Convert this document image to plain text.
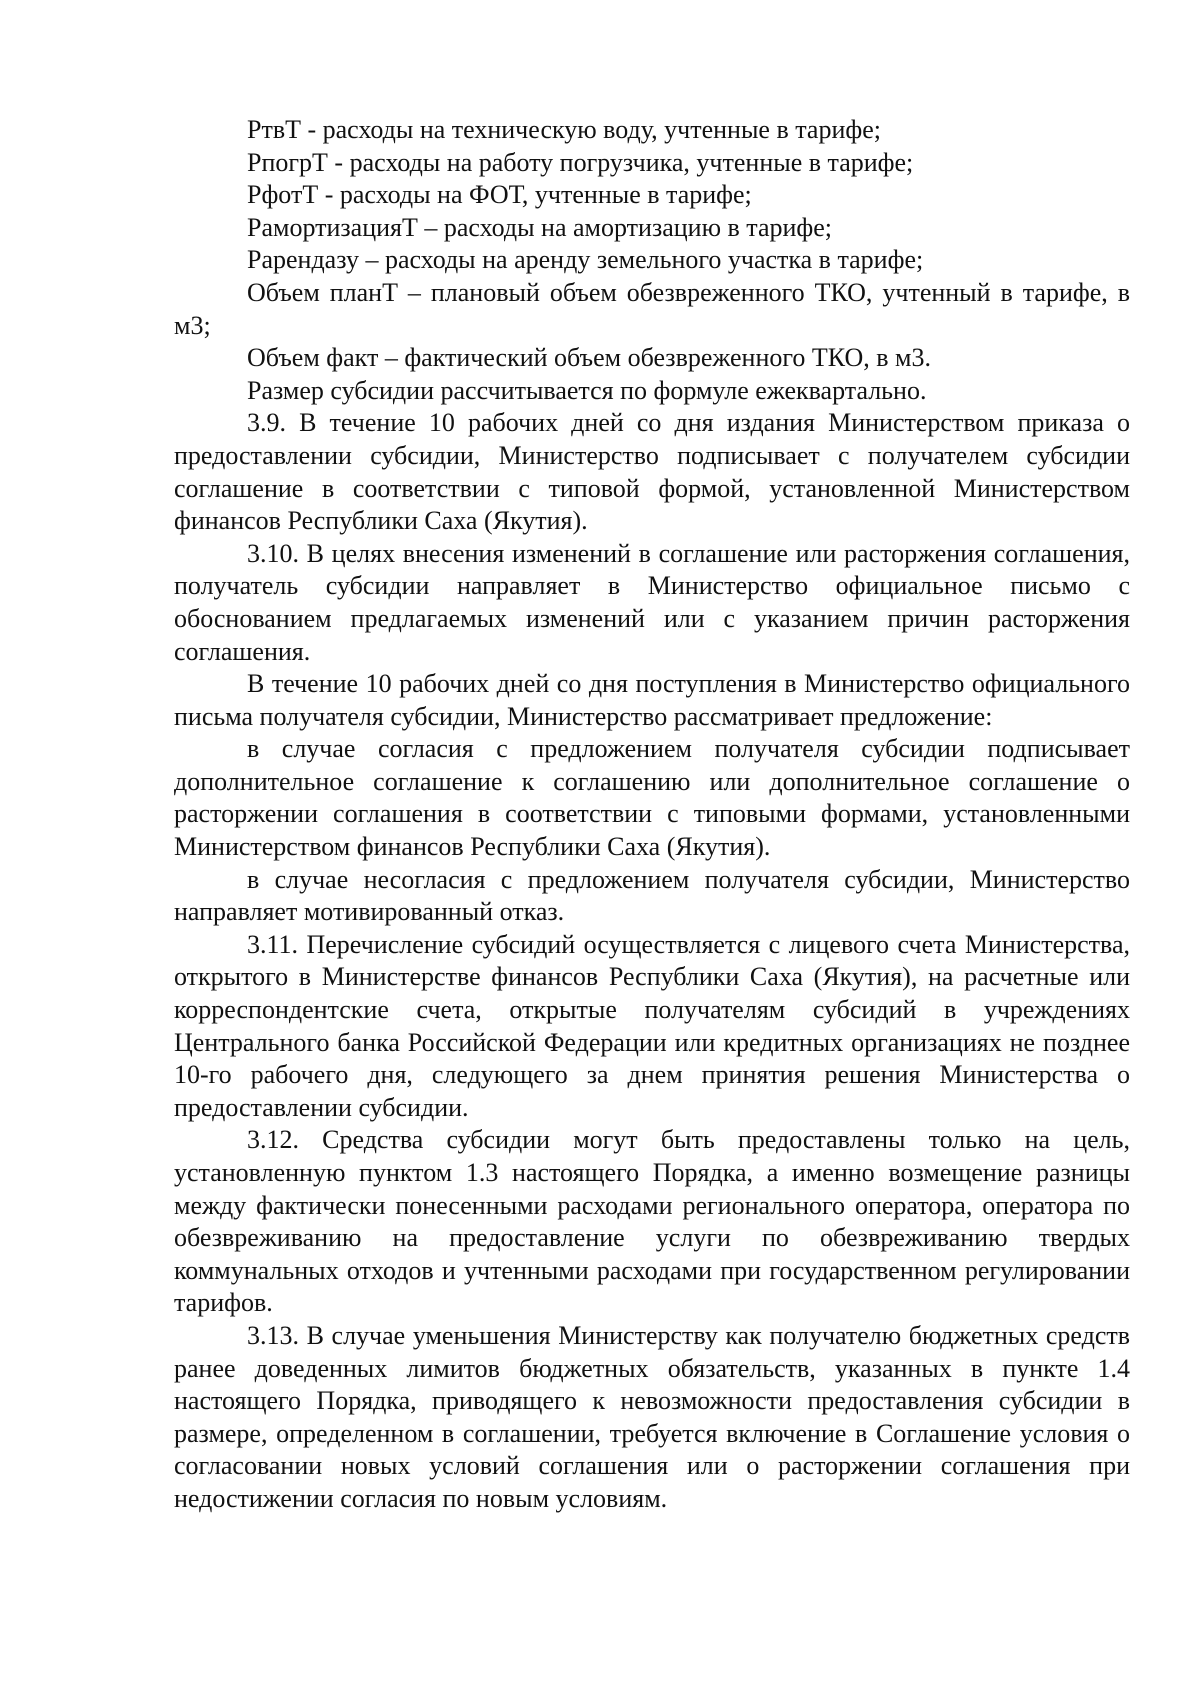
РтвТ - расходы на техническую воду, учтенные в тарифе;

РпогрТ - расходы на работу погрузчика, учтенные в тарифе;

РфотТ - расходы на ФОТ, учтенные в тарифе;

РамортизацияТ – расходы на амортизацию в тарифе;

Рарендазу – расходы на аренду земельного участка в тарифе;

Объем планТ – плановый объем обезвреженного ТКО, учтенный в тарифе, в м3;

Объем факт – фактический объем обезвреженного ТКО, в м3.

Размер субсидии рассчитывается по формуле ежеквартально.

3.9. В течение 10 рабочих дней со дня издания Министерством приказа о предоставлении субсидии, Министерство подписывает с получателем субсидии соглашение в соответствии с типовой формой, установленной Министерством финансов Республики Саха (Якутия).

3.10. В целях внесения изменений в соглашение или расторжения соглашения, получатель субсидии направляет в Министерство официальное письмо с обоснованием предлагаемых изменений или с указанием причин расторжения соглашения.

В течение 10 рабочих дней со дня поступления в Министерство официального письма получателя субсидии, Министерство рассматривает предложение:

в случае согласия с предложением получателя субсидии подписывает дополнительное соглашение к соглашению или дополнительное соглашение о расторжении соглашения в соответствии с типовыми формами, установленными Министерством финансов Республики Саха (Якутия).

в случае несогласия с предложением получателя субсидии, Министерство направляет мотивированный отказ.

3.11. Перечисление субсидий осуществляется с лицевого счета Министерства, открытого в Министерстве финансов Республики Саха (Якутия), на расчетные или корреспондентские счета, открытые получателям субсидий в учреждениях Центрального банка Российской Федерации или кредитных организациях не позднее 10-го рабочего дня, следующего за днем принятия решения Министерства о предоставлении субсидии.

3.12. Средства субсидии могут быть предоставлены только на цель, установленную пунктом 1.3 настоящего Порядка, а именно возмещение разницы между фактически понесенными расходами регионального оператора, оператора по обезвреживанию на предоставление услуги по обезвреживанию твердых коммунальных отходов и учтенными расходами при государственном регулировании тарифов.

3.13. В случае уменьшения Министерству как получателю бюджетных средств ранее доведенных лимитов бюджетных обязательств, указанных в пункте 1.4 настоящего Порядка, приводящего к невозможности предоставления субсидии в размере, определенном в соглашении, требуется включение в Соглашение условия о согласовании новых условий соглашения или о расторжении соглашения при недостижении согласия по новым условиям.
